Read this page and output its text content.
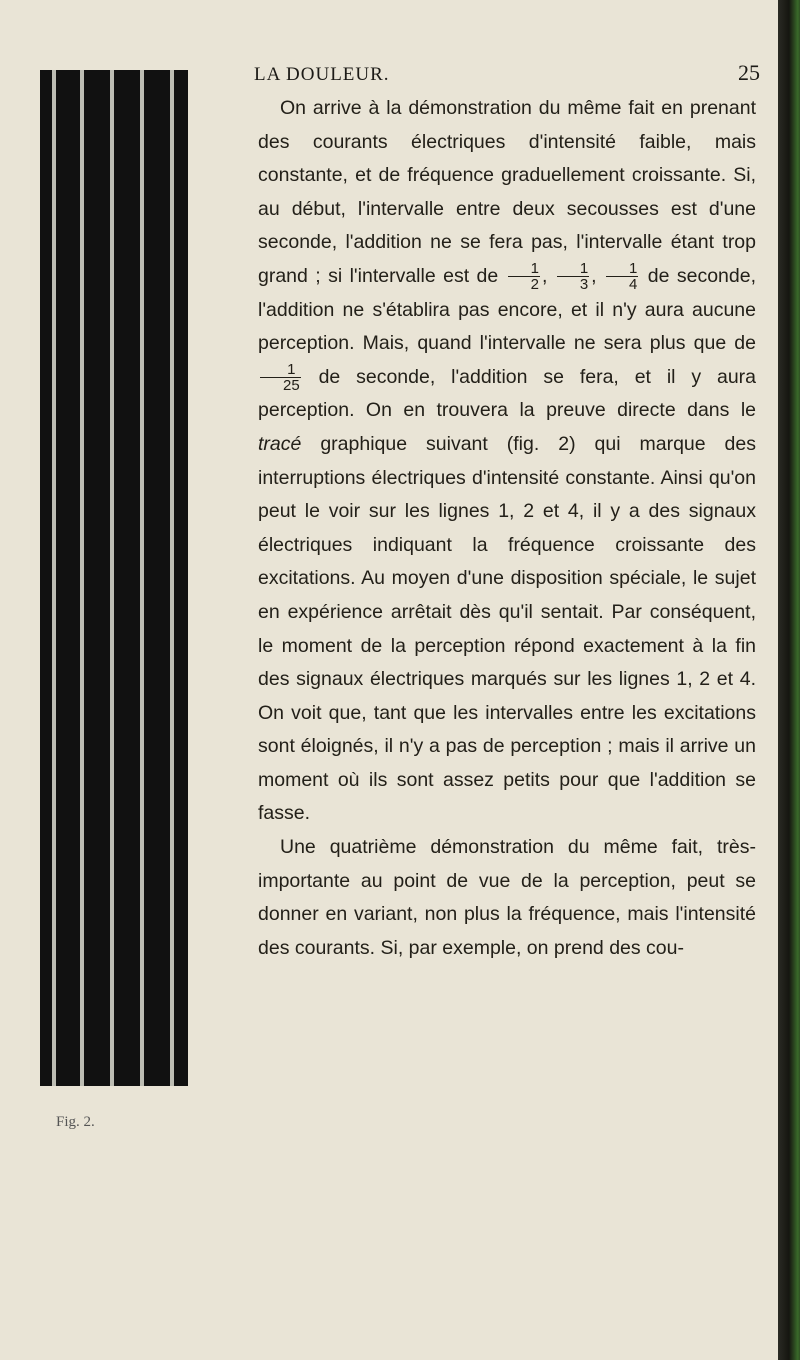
LA DOULEUR.	25
Fig. 2.

On arrive à la démonstration du même fait en prenant des courants électriques d'intensité faible, mais constante, et de fréquence graduellement croissante. Si, au début, l'intervalle entre deux secousses est d'une seconde, l'addition ne se fera pas, l'intervalle étant trop grand ; si l'intervalle est de $\frac{1}{2}$ , $\frac{1}{3}$ , $\frac{1}{4}$ de seconde, l'addition ne s'établira pas encore, et il n'y aura aucune perception. Mais, quand l'intervalle ne sera plus que de
$\frac{1}{25}$ de seconde, l'addition se fera, et il y aura perception. On en trouvera la preuve directe dans le tracé graphique suivant (fig. 2) qui marque des interruptions électriques d'intensité constante. Ainsi qu'on peut le voir sur les lignes 1, 2 et 4, il y a des signaux électriques indiquant la fréquence croissante des excitations. Au moyen d'une disposition spéciale, le sujet en expérience arrêtait dès qu'il sentait. Par conséquent, le moment de la perception répond exactement à la fin des signaux électriques marqués sur les lignes 1, 2 et 4. On voit que, tant que les intervalles entre les excitations sont éloignés, il n'y a pas de perception ; mais il arrive un moment où ils sont assez petits pour que l'addition se fasse.

Une quatrième démonstration du même fait, très-importante au point de vue de la perception, peut se donner en variant, non plus la fréquence, mais l'intensité des courants. Si, par exemple, on prend des cou-
